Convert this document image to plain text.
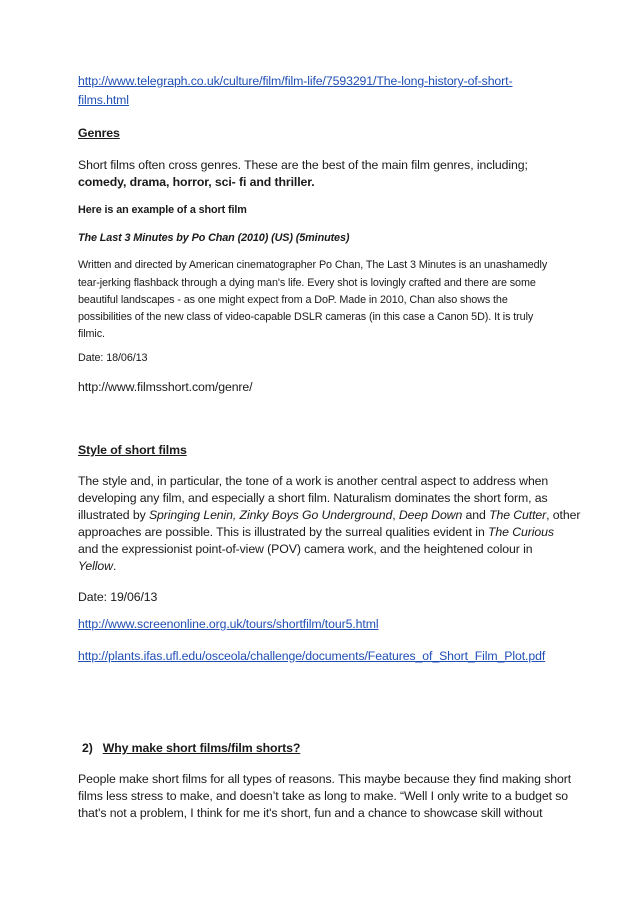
http://www.telegraph.co.uk/culture/film/film-life/7593291/The-long-history-of-short-
films.html
Genres
Short films often cross genres. These are the best of the main film genres, including;
comedy, drama, horror, sci- fi and thriller.
Here is an example of a short film
The Last 3 Minutes by Po Chan (2010) (US) (5minutes)
Written and directed by American cinematographer Po Chan, The Last 3 Minutes is an unashamedly
tear-jerking flashback through a dying man's life. Every shot is lovingly crafted and there are some
beautiful landscapes - as one might expect from a DoP. Made in 2010, Chan also shows the
possibilities of the new class of video-capable DSLR cameras (in this case a Canon 5D). It is truly
filmic.
Date: 18/06/13
http://www.filmsshort.com/genre/
Style of short films
The style and, in particular, the tone of a work is another central aspect to address when
developing any film, and especially a short film. Naturalism dominates the short form, as
illustrated by Springing Lenin, Zinky Boys Go Underground, Deep Down and The Cutter, other
approaches are possible. This is illustrated by the surreal qualities evident in The Curious
and the expressionist point-of-view (POV) camera work, and the heightened colour in
Yellow.
Date: 19/06/13
http://www.screenonline.org.uk/tours/shortfilm/tour5.html
http://plants.ifas.ufl.edu/osceola/challenge/documents/Features_of_Short_Film_Plot.pdf
2) Why make short films/film shorts?
People make short films for all types of reasons. This maybe because they find making short
films less stress to make, and doesn’t take as long to make. “Well I only write to a budget so
that's not a problem, I think for me it's short, fun and a chance to showcase skill without
